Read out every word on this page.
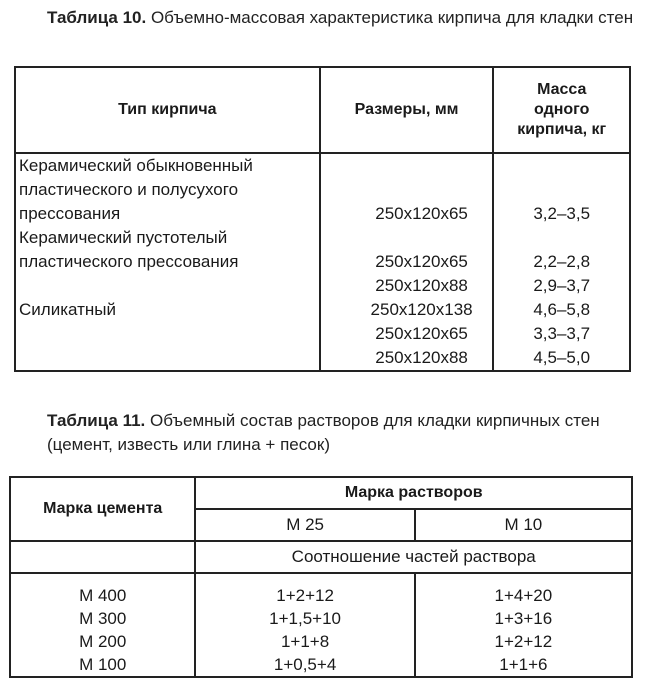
Таблица 10. Объемно-массовая характеристика кирпича для кладки стен
Тип кирпича	Размеры, мм	Масса
одного
кирпича, кг

Керамический обыкновенный		
пластического и полусухого		
прессования	250x120x65	3,2–3,5
Керамический пустотелый		
пластического прессования	250x120x65	2,2–2,8
	250x120x88	2,9–3,7
Силикатный	250x120x138	4,6–5,8
	250x120x65	3,3–3,7
	250x120x88	4,5–5,0
Таблица 11. Объемный состав растворов для кладки кирпичных стен (цемент, известь или глина + песок)
Марка цемента	Марка растворов	
	М 25	М 10
	Соотношение частей раствора	
М 400	1+2+12	1+4+20
М 300	1+1,5+10	1+3+16
М 200	1+1+8	1+2+12
М 100	1+0,5+4	1+1+6
